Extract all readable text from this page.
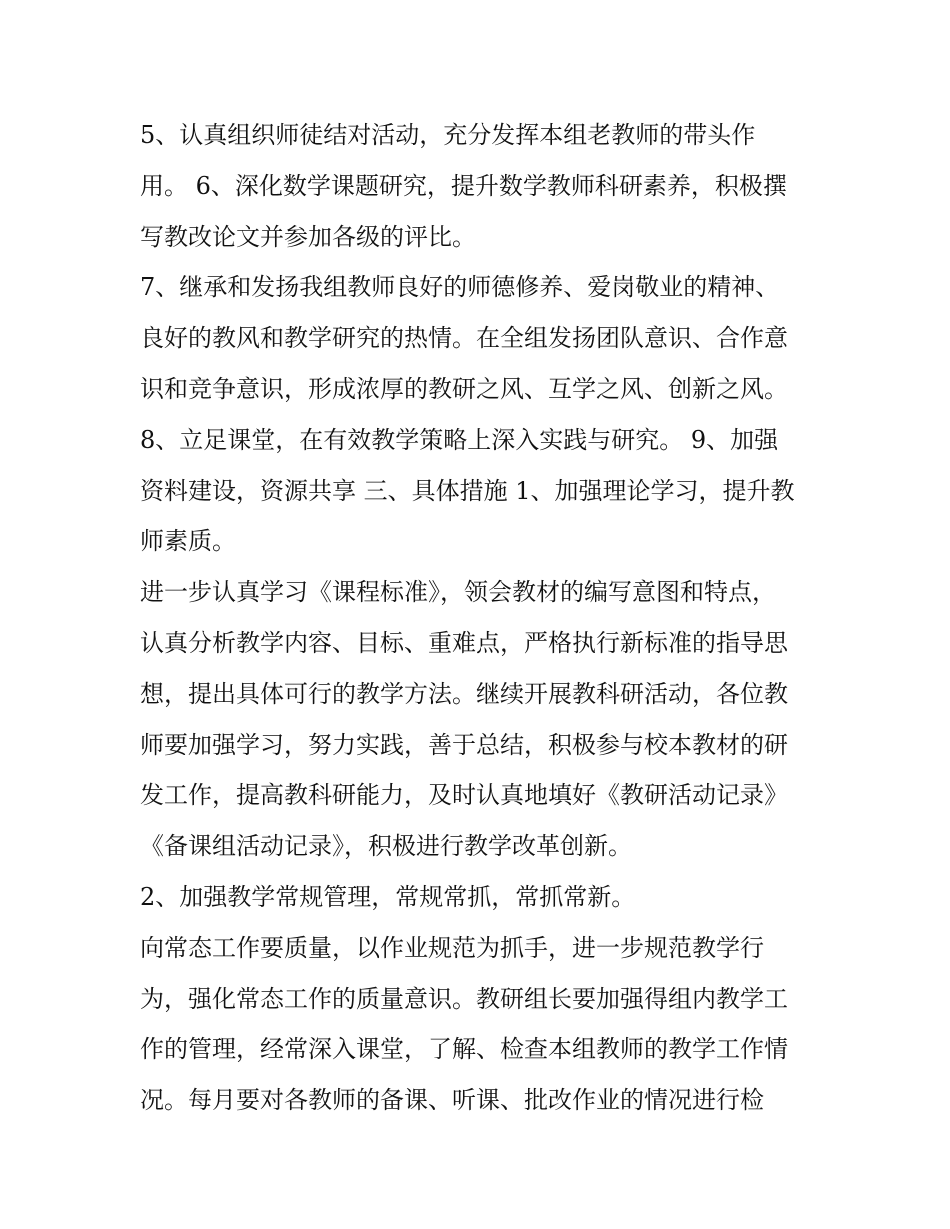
5、认真组织师徒结对活动，充分发挥本组老教师的带头作
用。 6、深化数学课题研究，提升数学教师科研素养，积极撰
写教改论文并参加各级的评比。
7、继承和发扬我组教师良好的师德修养、爱岗敬业的精神、
良好的教风和教学研究的热情。在全组发扬团队意识、合作意
识和竞争意识，形成浓厚的教研之风、互学之风、创新之风。
8、立足课堂，在有效教学策略上深入实践与研究。 9、加强
资料建设，资源共享 三、具体措施 1、加强理论学习，提升教
师素质。
进一步认真学习《课程标准》，领会教材的编写意图和特点，
认真分析教学内容、目标、重难点，严格执行新标准的指导思
想，提出具体可行的教学方法。继续开展教科研活动，各位教
师要加强学习，努力实践，善于总结，积极参与校本教材的研
发工作，提高教科研能力，及时认真地填好《教研活动记录》
《备课组活动记录》，积极进行教学改革创新。
2、加强教学常规管理，常规常抓，常抓常新。
向常态工作要质量，以作业规范为抓手，进一步规范教学行
为，强化常态工作的质量意识。教研组长要加强得组内教学工
作的管理，经常深入课堂，了解、检查本组教师的教学工作情
况。每月要对各教师的备课、听课、批改作业的情况进行检
